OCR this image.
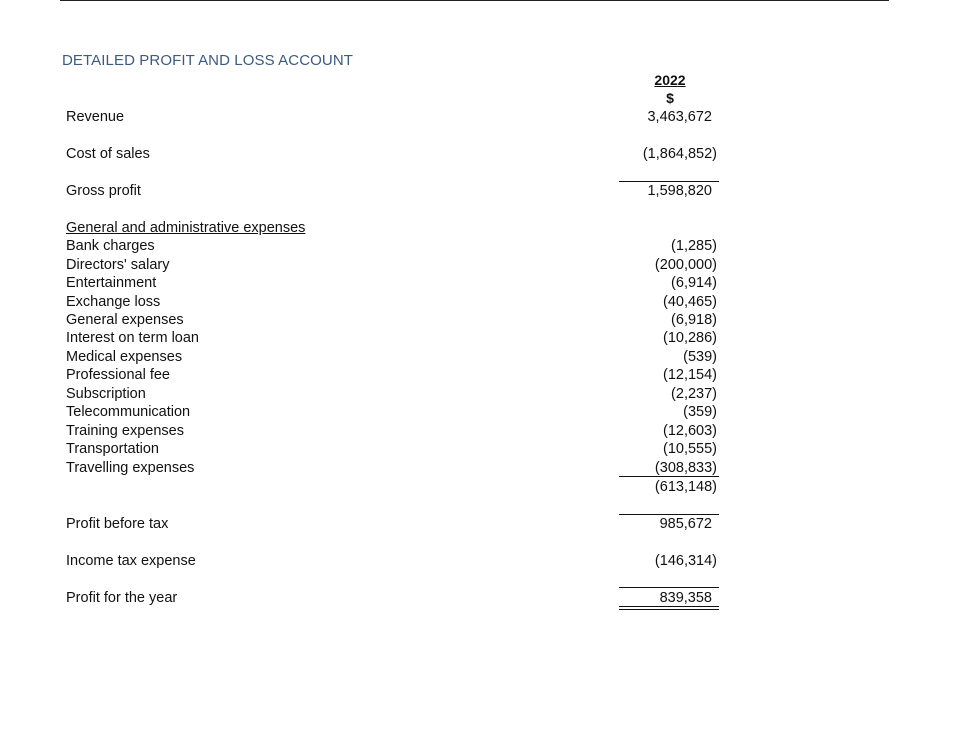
DETAILED PROFIT AND LOSS ACCOUNT
2022
$
Revenue	3,463,672
Cost of sales	(1,864,852)
Gross profit	1,598,820
General and administrative expenses
Bank charges	(1,285)
Directors' salary	(200,000)
Entertainment	(6,914)
Exchange loss	(40,465)
General expenses	(6,918)
Interest on term loan	(10,286)
Medical expenses	(539)
Professional fee	(12,154)
Subscription	(2,237)
Telecommunication	(359)
Training expenses	(12,603)
Transportation	(10,555)
Travelling expenses	(308,833)
(613,148)
Profit before tax	985,672
Income tax expense	(146,314)
Profit for the year	839,358
